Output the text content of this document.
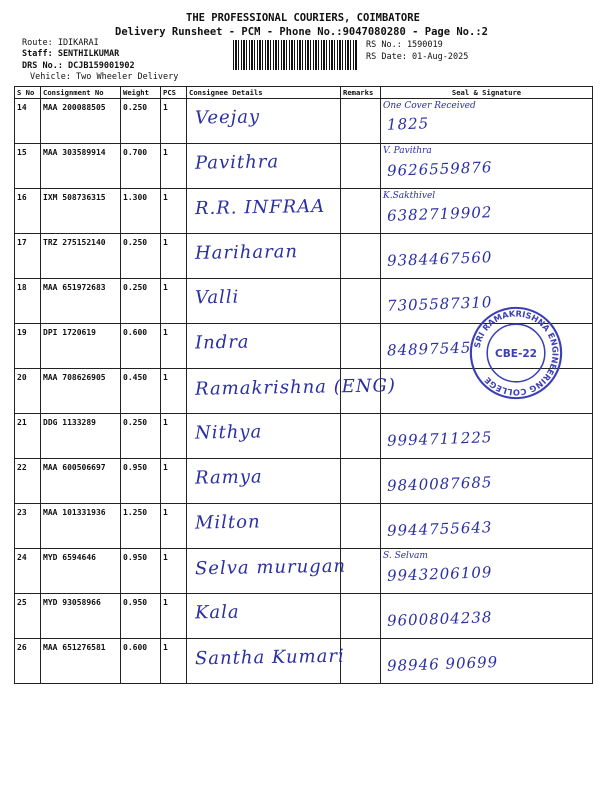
THE PROFESSIONAL COURIERS, COIMBATORE
Delivery Runsheet - PCM - Phone No.:9047080280 - Page No.:2
Route: IDIKARAI
Staff: SENTHILKUMAR
DRS No.: DCJB159001902
Vehicle: Two Wheeler Delivery
RS No.: 1590019
RS Date: 01-Aug-2025
S No	Consignment No	Weight	PCS	Consignee Details	Remarks	Seal & Signature
14	MAA 200088505	0.250	1	Veejay		One Cover Received
1825

15	MAA 303589914	0.700	1	Pavithra		V. Pavithra
9626559876

16	IXM 508736315	1.300	1	R.R. INFRAA		K.Sakthivel
6382719902

17	TRZ 275152140	0.250	1	Hariharan		9384467560

18	MAA 651972683	0.250	1	Valli		7305587310

19	DPI 1720619	0.600	1	Indra		84897545

20	MAA 708626905	0.450	1	Ramakrishna (ENG)		

21	DDG 1133289	0.250	1	Nithya		9994711225

22	MAA 600506697	0.950	1	Ramya		9840087685

23	MAA 101331936	1.250	1	Milton		9944755643

24	MYD 6594646	0.950	1	Selva murugan		S. Selvam
9943206109

25	MYD 93058966	0.950	1	Kala		9600804238

26	MAA 651276581	0.600	1	Santha Kumari		98946 90699
SRI RAMAKRISHNA ENGINEERING COLLEGE
CBE-22
